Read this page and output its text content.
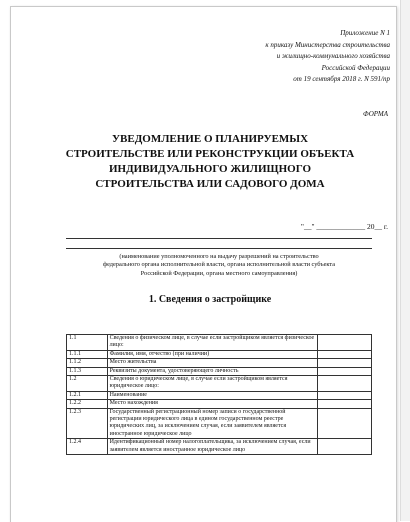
Приложение N 1
к приказу Министерства строительства
и жилищно-коммунального хозяйства
Российской Федерации
от 19 сентября 2018 г. N 591/пр
ФОРМА
УВЕДОМЛЕНИЕ О ПЛАНИРУЕМЫХ
СТРОИТЕЛЬСТВЕ ИЛИ РЕКОНСТРУКЦИИ ОБЪЕКТА
ИНДИВИДУАЛЬНОГО ЖИЛИЩНОГО
СТРОИТЕЛЬСТВА ИЛИ САДОВОГО ДОМА
"__" _____________ 20__ г.
(наименование уполномоченного на выдачу разрешений на строительство
федерального органа исполнительной власти, органа исполнительной власти субъекта
Российской Федерации, органа местного самоуправления)
1. Сведения о застройщике
1.1	Сведения о физическом лице, в случае если застройщиком является физическое лицо:	
1.1.1	Фамилия, имя, отчество (при наличии)	
1.1.2	Место жительства	
1.1.3	Реквизиты документа, удостоверяющего личность	
1.2	Сведения о юридическом лице, в случае если застройщиком является юридическое лицо:	
1.2.1	Наименование	
1.2.2	Место нахождения	
1.2.3	Государственный регистрационный номер записи о государственной регистрации юридического лица в едином государственном реестре юридических лиц, за исключением случая, если заявителем является иностранное юридическое лицо	
1.2.4	Идентификационный номер налогоплательщика, за исключением случая, если заявителем является иностранное юридическое лицо	
